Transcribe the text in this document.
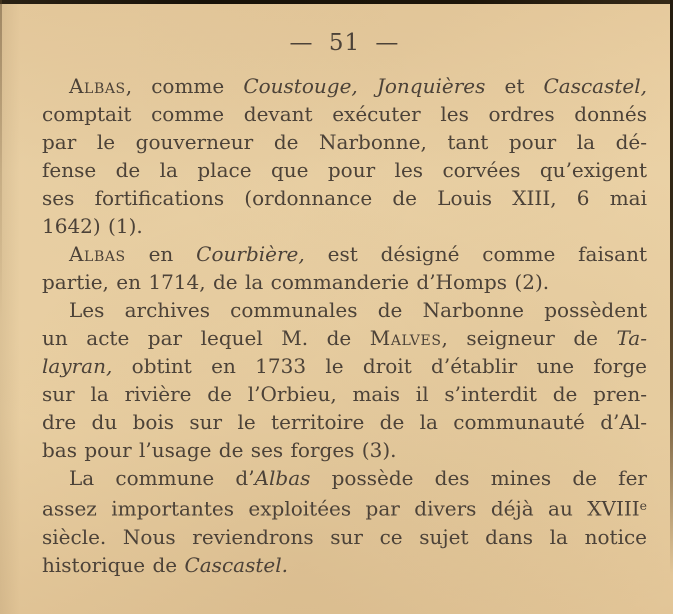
— 51 —
Albas, comme Coustouge, Jonquières et Cascastel,
comptait comme devant exécuter les ordres donnés
par le gouverneur de Narbonne, tant pour la dé-
fense de la place que pour les corvées qu’exigent
ses fortifications (ordonnance de Louis XIII, 6 mai
1642) (1).
Albas en Courbière, est désigné comme faisant
partie, en 1714, de la commanderie d’Homps (2).
Les archives communales de Narbonne possèdent
un acte par lequel M. de Malves, seigneur de Ta-
layran, obtint en 1733 le droit d’établir une forge
sur la rivière de l’Orbieu, mais il s’interdit de pren-
dre du bois sur le territoire de la communauté d’Al-
bas pour l’usage de ses forges (3).
La commune d’Albas possède des mines de fer
assez importantes exploitées par divers déjà au XVIIIe
siècle. Nous reviendrons sur ce sujet dans la notice
historique de Cascastel.
